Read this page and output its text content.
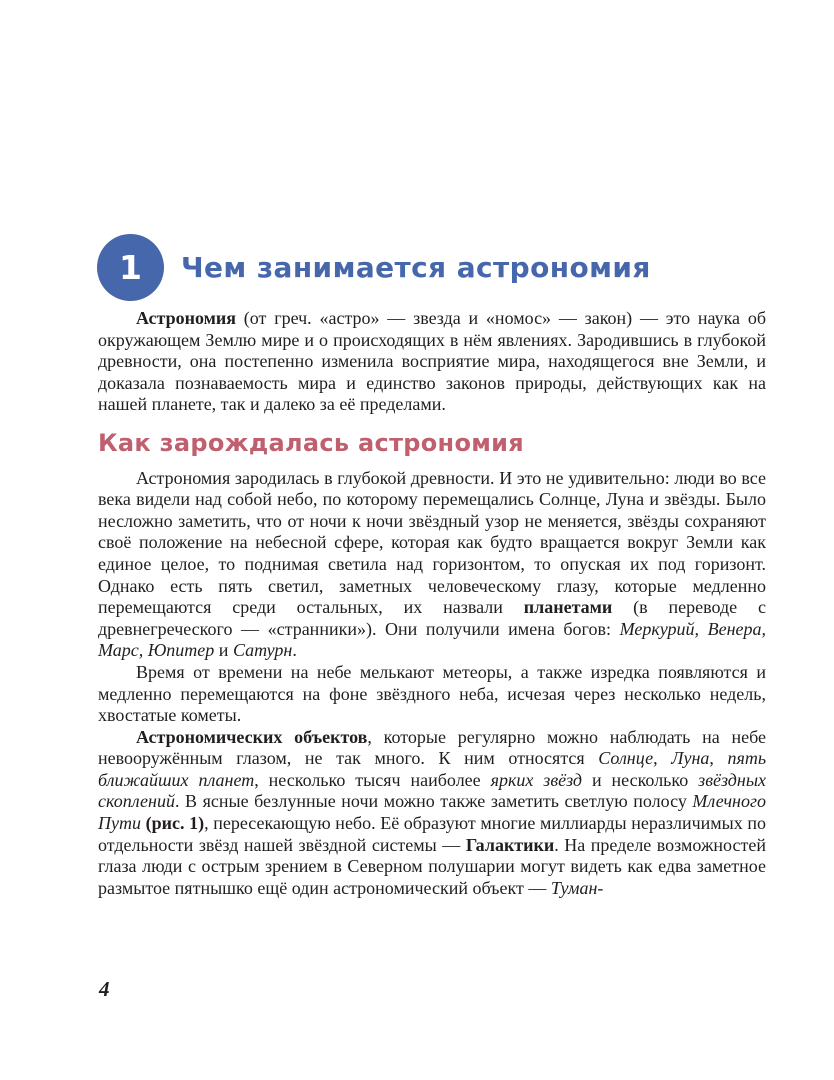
1 Чем занимается астрономия

Астрономия (от греч. «астро» — звезда и «номос» — закон) — это наука об окружающем Землю мире и о происходящих в нём явлениях. Зародившись в глубокой древности, она постепенно изменила восприятие мира, находящегося вне Земли, и доказала познаваемость мира и единство законов природы, действующих как на нашей планете, так и далеко за её пределами.

Как зарождалась астрономия

Астрономия зародилась в глубокой древности. И это не удивительно: люди во все века видели над собой небо, по которому перемещались Солнце, Луна и звёзды. Было несложно заметить, что от ночи к ночи звёздный узор не меняется, звёзды сохраняют своё положение на небесной сфере, которая как будто вращается вокруг Земли как единое целое, то поднимая светила над горизонтом, то опуская их под горизонт. Однако есть пять светил, заметных человеческому глазу, которые медленно перемещаются среди остальных, их назвали планетами (в переводе с древнегреческого — «странники»). Они получили имена богов: Меркурий, Венера, Марс, Юпитер и Сатурн.

Время от времени на небе мелькают метеоры, а также изредка появляются и медленно перемещаются на фоне звёздного неба, исчезая через несколько недель, хвостатые кометы.

Астрономических объектов, которые регулярно можно наблюдать на небе невооружённым глазом, не так много. К ним относятся Солнце, Луна, пять ближайших планет, несколько тысяч наиболее ярких звёзд и несколько звёздных скоплений. В ясные безлунные ночи можно также заметить светлую полосу Млечного Пути (рис. 1), пересекающую небо. Её образуют многие миллиарды неразличимых по отдельности звёзд нашей звёздной системы — Галактики. На пределе возможностей глаза люди с острым зрением в Северном полушарии могут видеть как едва заметное размытое пятнышко ещё один астрономический объект — Туман-

4
